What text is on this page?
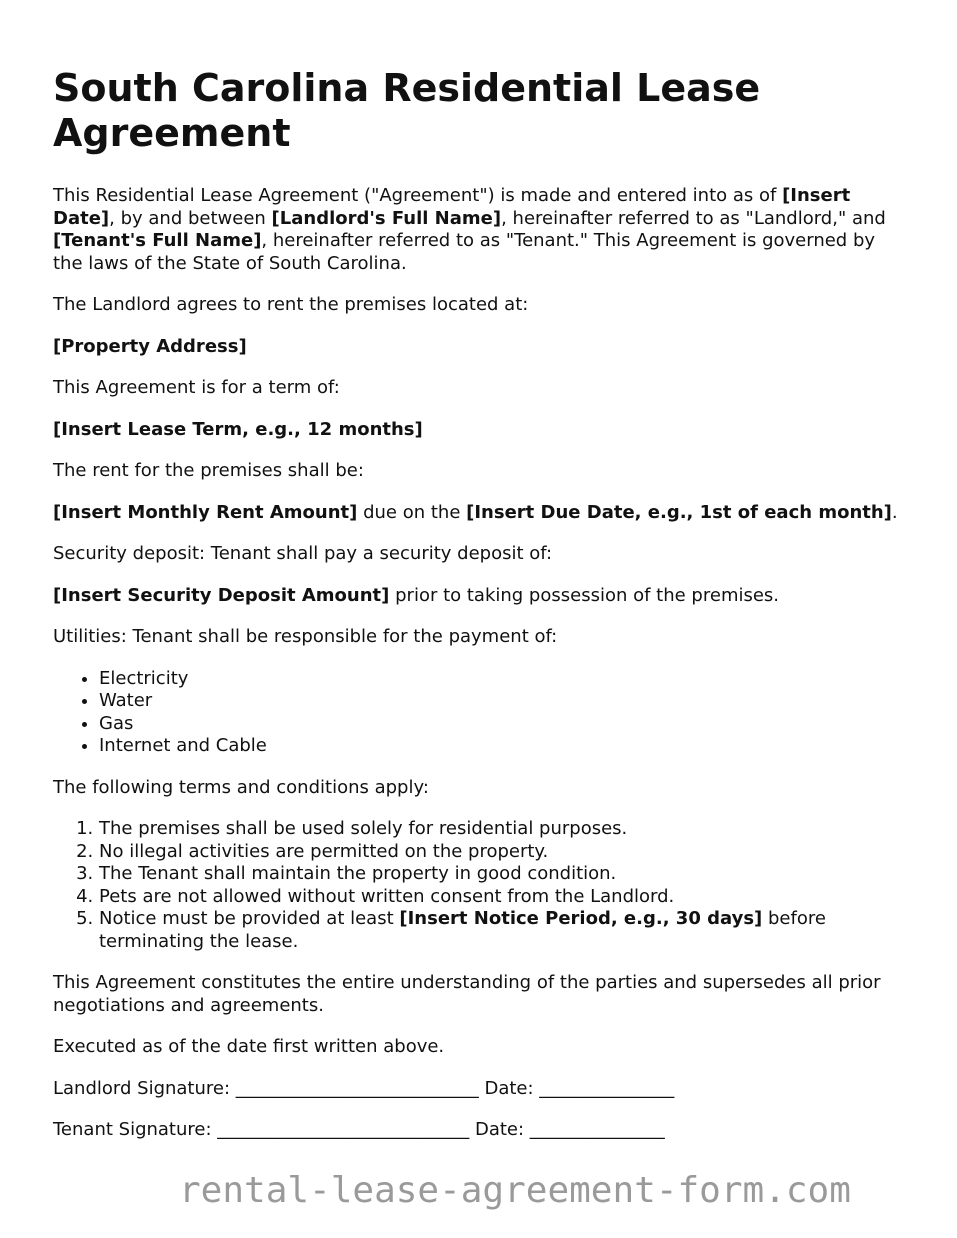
South Carolina Residential Lease Agreement

This Residential Lease Agreement ("Agreement") is made and entered into as of [Insert Date], by and between [Landlord's Full Name], hereinafter referred to as "Landlord," and [Tenant's Full Name], hereinafter referred to as "Tenant." This Agreement is governed by the laws of the State of South Carolina.

The Landlord agrees to rent the premises located at:

[Property Address]

This Agreement is for a term of:

[Insert Lease Term, e.g., 12 months]

The rent for the premises shall be:

[Insert Monthly Rent Amount] due on the [Insert Due Date, e.g., 1st of each month].

Security deposit: Tenant shall pay a security deposit of:

[Insert Security Deposit Amount] prior to taking possession of the premises.

Utilities: Tenant shall be responsible for the payment of:

• Electricity
• Water
• Gas
• Internet and Cable

The following terms and conditions apply:

1. The premises shall be used solely for residential purposes.
2. No illegal activities are permitted on the property.
3. The Tenant shall maintain the property in good condition.
4. Pets are not allowed without written consent from the Landlord.
5. Notice must be provided at least [Insert Notice Period, e.g., 30 days] before terminating the lease.

This Agreement constitutes the entire understanding of the parties and supersedes all prior negotiations and agreements.

Executed as of the date first written above.

Landlord Signature: ___________________________ Date: _______________

Tenant Signature: ____________________________ Date: _______________

rental-lease-agreement-form.com
